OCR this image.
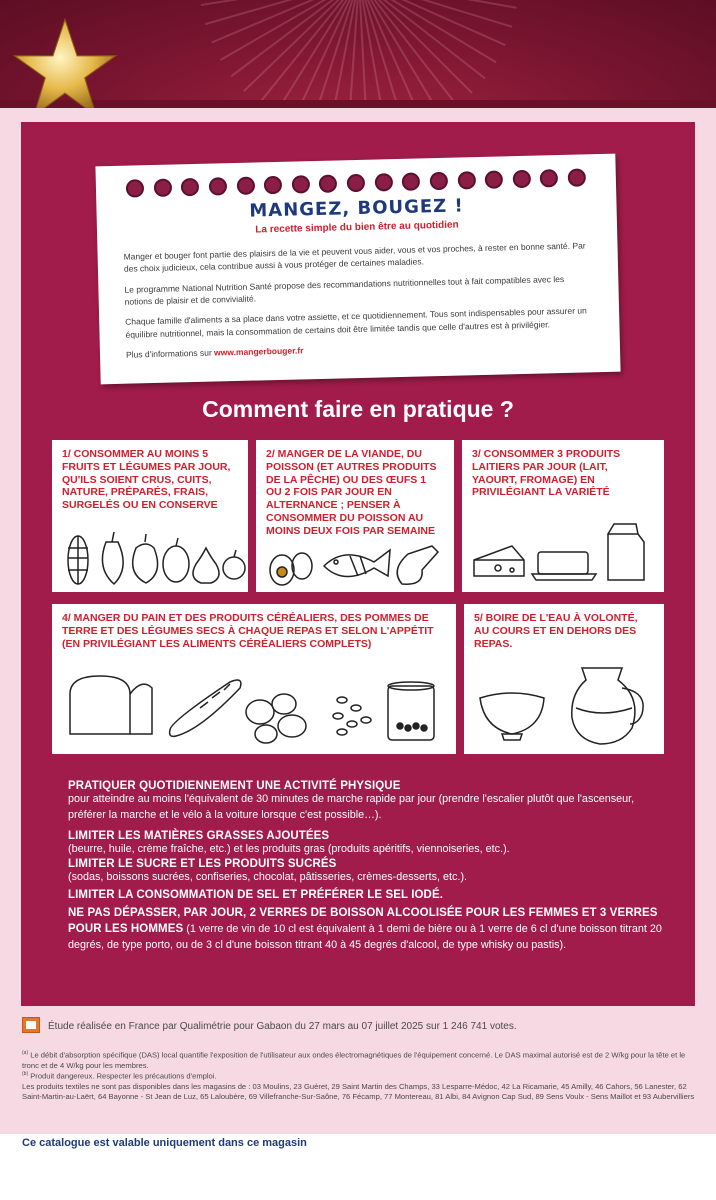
MANGEZ, BOUGEZ !
La recette simple du bien être au quotidien

Manger et bouger font partie des plaisirs de la vie et peuvent vous aider, vous et vos proches, à rester en bonne santé. Par des choix judicieux, cela contribue aussi à vous protéger de certaines maladies.

Le programme National Nutrition Santé propose des recommandations nutritionnelles tout à fait compatibles avec les notions de plaisir et de convivialité.

Chaque famille d'aliments a sa place dans votre assiette, et ce quotidiennement. Tous sont indispensables pour assurer un équilibre nutritionnel, mais la consommation de certains doit être limitée tandis que celle d'autres est à privilégier.

Plus d'informations sur www.mangerbouger.fr

Comment faire en pratique ?
1/ CONSOMMER AU MOINS 5 FRUITS ET LÉGUMES PAR JOUR, QU'ILS SOIENT CRUS, CUITS, NATURE, PRÉPARÉS, FRAIS, SURGELÉS OU EN CONSERVE
2/ MANGER DE LA VIANDE, DU POISSON (ET AUTRES PRODUITS DE LA PÊCHE) OU DES ŒUFS 1 OU 2 FOIS PAR JOUR EN ALTERNANCE ; PENSER À CONSOMMER DU POISSON AU MOINS DEUX FOIS PAR SEMAINE
3/ CONSOMMER 3 PRODUITS LAITIERS PAR JOUR (LAIT, YAOURT, FROMAGE) EN PRIVILÉGIANT LA VARIÉTÉ
4/ MANGER DU PAIN ET DES PRODUITS CÉRÉALIERS, DES POMMES DE TERRE ET DES LÉGUMES SECS À CHAQUE REPAS ET SELON L'APPÉTIT (EN PRIVILÉGIANT LES ALIMENTS CÉRÉALIERS COMPLETS)
5/ BOIRE DE L'EAU À VOLONTÉ, AU COURS ET EN DEHORS DES REPAS.
PRATIQUER QUOTIDIENNEMENT UNE ACTIVITÉ PHYSIQUE
pour atteindre au moins l'équivalent de 30 minutes de marche rapide par jour (prendre l'escalier plutôt que l'ascenseur, préférer la marche et le vélo à la voiture lorsque c'est possible…).
LIMITER LES MATIÈRES GRASSES AJOUTÉES
(beurre, huile, crème fraîche, etc.) et les produits gras (produits apéritifs, viennoiseries, etc.).
LIMITER LE SUCRE ET LES PRODUITS SUCRÉS
(sodas, boissons sucrées, confiseries, chocolat, pâtisseries, crèmes-desserts, etc.).
LIMITER LA CONSOMMATION DE SEL ET PRÉFÉRER LE SEL IODÉ.
NE PAS DÉPASSER, PAR JOUR, 2 VERRES DE BOISSON ALCOOLISÉE POUR LES FEMMES ET 3 VERRES POUR LES HOMMES (1 verre de vin de 10 cl est équivalent à 1 demi de bière ou à 1 verre de 6 cl d'une boisson titrant 20 degrés, de type porto, ou de 3 cl d'une boisson titrant 40 à 45 degrés d'alcool, de type whisky ou pastis).
Étude réalisée en France par Qualimétrie pour Gabaon du 27 mars au 07 juillet 2025 sur 1 246 741 votes.
$^{(a)}$ Le débit d'absorption spécifique (DAS) local quantifie l'exposition de l'utilisateur aux ondes électromagnétiques de l'équipement concerné. Le DAS maximal autorisé est de 2 W/kg pour la tête et le tronc et de 4 W/kg pour les membres.
$^{(b)}$ Produit dangereux. Respecter les précautions d'emploi.
Les produits textiles ne sont pas disponibles dans les magasins de : 03 Moulins, 23 Guéret, 29 Saint Martin des Champs, 33 Lesparre-Médoc, 42 La Ricamarie, 45 Amilly, 46 Cahors, 56 Lanester, 62 Saint-Martin-au-Laërt, 64 Bayonne - St Jean de Luz, 65 Laloubère, 69 Villefranche-Sur-Saône, 76 Fécamp, 77 Montereau, 81 Albi, 84 Avignon Cap Sud, 89 Sens Voulx - Sens Maillot et 93 Aubervilliers
Ce catalogue est valable uniquement dans ce magasin
